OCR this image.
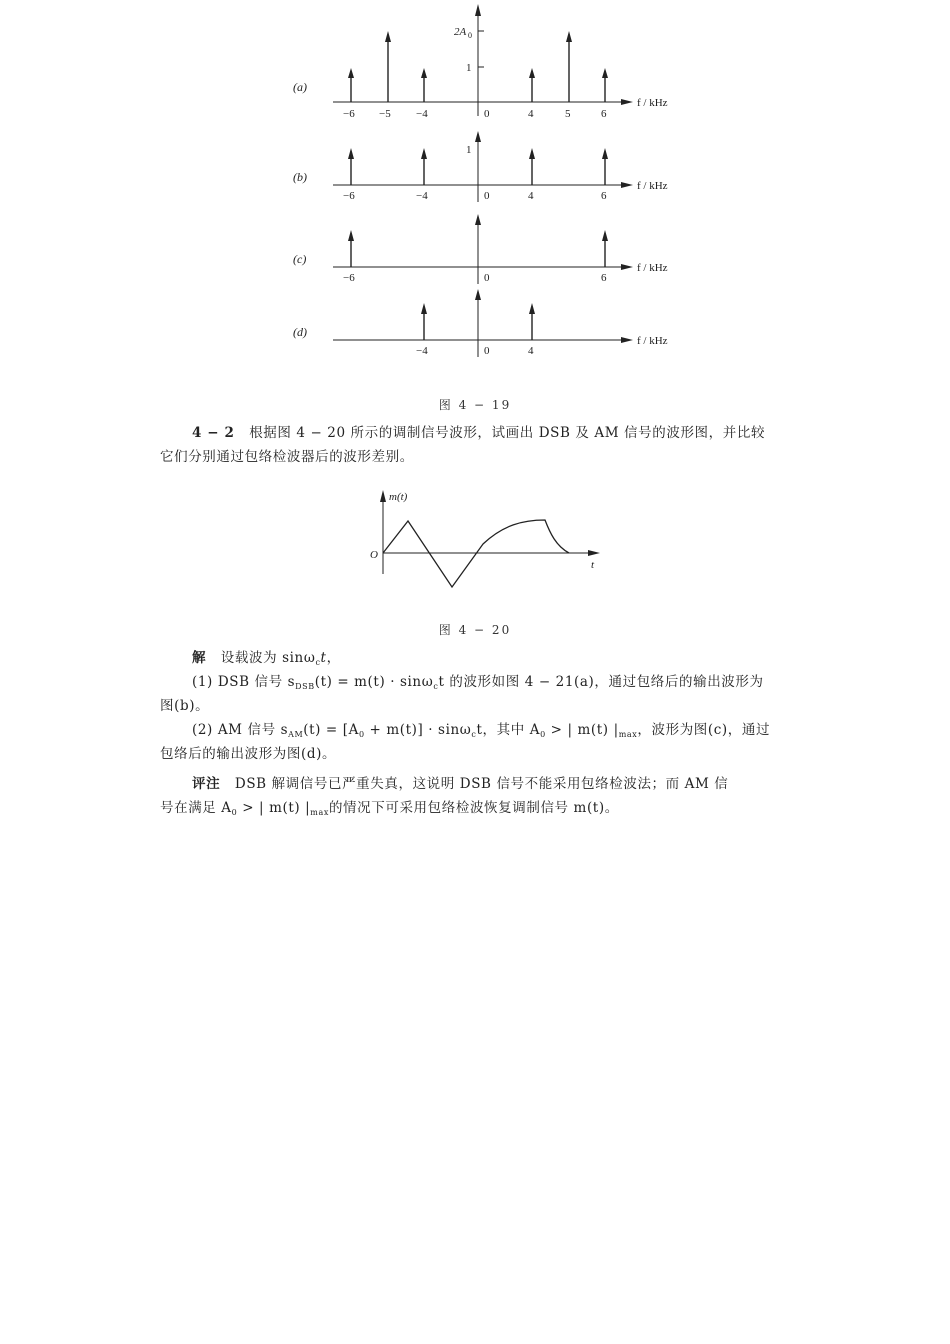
(a)
2A 0
1
−6 −5 −4	0	4	5	6
f / kHz
(b)
1
−6	−4	0	4	6
f / kHz
(c)
−6	0	6
f / kHz
(d)
−4	0	4
f / kHz
图 4 − 19
4 − 2 根据图 4 − 20 所示的调制信号波形，试画出 DSB 及 AM 信号的波形图，并比较
它们分别通过包络检波器后的波形差别。
m(t)
O
t
图 4 − 20
解 设载波为 sinω$_c$t，
(1) DSB 信号 $s_{DSB}(t) = m(t) \cdot \sin\omega_ct$ 的波形如图 4 − 21(a)，通过包络后的输出波形为
图(b)。
(2) AM 信号 $s_{AM}(t) = [A_0 + m(t)] \cdot \sin\omega_ct$，其中 $A_0$ > | m(t) $|_{max}$，波形为图(c)，通过
包络后的输出波形为图(d)。
评注 DSB 解调信号已严重失真，这说明 DSB 信号不能采用包络检波法；而 AM 信
号在满足 $A_0$ > | m(t) $|_{max}$的情况下可采用包络检波恢复调制信号 m(t)。
